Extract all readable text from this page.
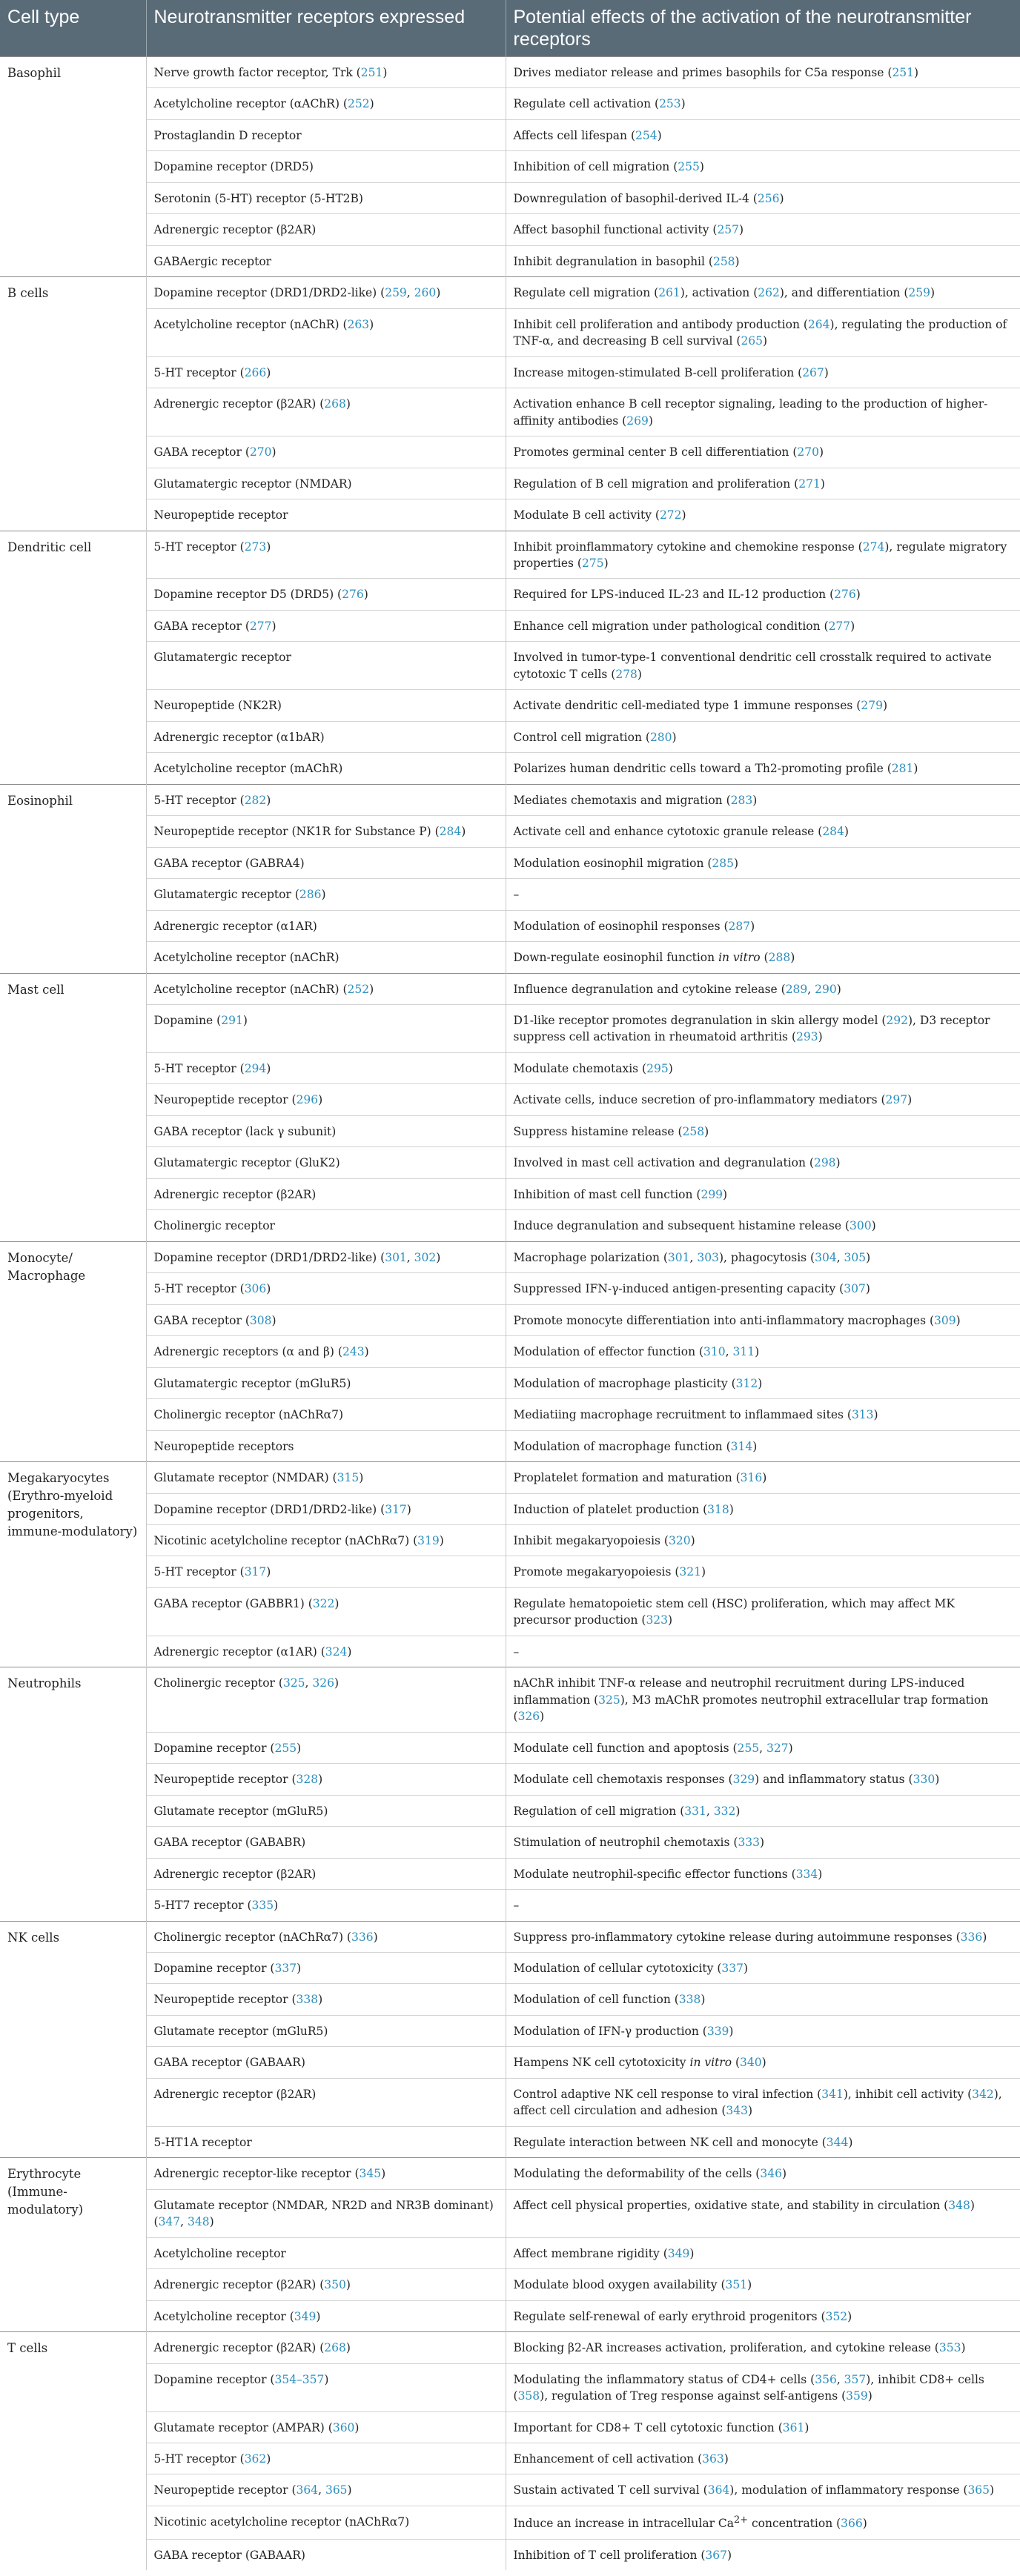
Cell type	Neurotransmitter receptors expressed	Potential effects of the activation of the neurotransmitter receptors
Basophil	Nerve growth factor receptor, Trk (251)	Drives mediator release and primes basophils for C5a response (251)
	Acetylcholine receptor (αAChR) (252)	Regulate cell activation (253)
	Prostaglandin D receptor	Affects cell lifespan (254)
	Dopamine receptor (DRD5)	Inhibition of cell migration (255)
	Serotonin (5-HT) receptor (5-HT2B)	Downregulation of basophil-derived IL-4 (256)
	Adrenergic receptor (β2AR)	Affect basophil functional activity (257)
	GABAergic receptor	Inhibit degranulation in basophil (258)
B cells	Dopamine receptor (DRD1/DRD2-like) (259, 260)	Regulate cell migration (261), activation (262), and differentiation (259)
	Acetylcholine receptor (nAChR) (263)	Inhibit cell proliferation and antibody production (264), regulating the production of TNF-α, and decreasing B cell survival (265)
	5-HT receptor (266)	Increase mitogen-stimulated B-cell proliferation (267)
	Adrenergic receptor (β2AR) (268)	Activation enhance B cell receptor signaling, leading to the production of higher-affinity antibodies (269)
	GABA receptor (270)	Promotes germinal center B cell differentiation (270)
	Glutamatergic receptor (NMDAR)	Regulation of B cell migration and proliferation (271)
	Neuropeptide receptor	Modulate B cell activity (272)
Dendritic cell	5-HT receptor (273)	Inhibit proinflammatory cytokine and chemokine response (274), regulate migratory properties (275)
	Dopamine receptor D5 (DRD5) (276)	Required for LPS-induced IL-23 and IL-12 production (276)
	GABA receptor (277)	Enhance cell migration under pathological condition (277)
	Glutamatergic receptor	Involved in tumor-type-1 conventional dendritic cell crosstalk required to activate cytotoxic T cells (278)
	Neuropeptide (NK2R)	Activate dendritic cell-mediated type 1 immune responses (279)
	Adrenergic receptor (α1bAR)	Control cell migration (280)
	Acetylcholine receptor (mAChR)	Polarizes human dendritic cells toward a Th2-promoting profile (281)
Eosinophil	5-HT receptor (282)	Mediates chemotaxis and migration (283)
	Neuropeptide receptor (NK1R for Substance P) (284)	Activate cell and enhance cytotoxic granule release (284)
	GABA receptor (GABRA4)	Modulation eosinophil migration (285)
	Glutamatergic receptor (286)	–
	Adrenergic receptor (α1AR)	Modulation of eosinophil responses (287)
	Acetylcholine receptor (nAChR)	Down-regulate eosinophil function in vitro (288)
Mast cell	Acetylcholine receptor (nAChR) (252)	Influence degranulation and cytokine release (289, 290)
	Dopamine (291)	D1-like receptor promotes degranulation in skin allergy model (292), D3 receptor suppress cell activation in rheumatoid arthritis (293)
	5-HT receptor (294)	Modulate chemotaxis (295)
	Neuropeptide receptor (296)	Activate cells, induce secretion of pro-inflammatory mediators (297)
	GABA receptor (lack γ subunit)	Suppress histamine release (258)
	Glutamatergic receptor (GluK2)	Involved in mast cell activation and degranulation (298)
	Adrenergic receptor (β2AR)	Inhibition of mast cell function (299)
	Cholinergic receptor	Induce degranulation and subsequent histamine release (300)
Monocyte/ Macrophage	Dopamine receptor (DRD1/DRD2-like) (301, 302)	Macrophage polarization (301, 303), phagocytosis (304, 305)
	5-HT receptor (306)	Suppressed IFN-γ-induced antigen-presenting capacity (307)
	GABA receptor (308)	Promote monocyte differentiation into anti-inflammatory macrophages (309)
	Adrenergic receptors (α and β) (243)	Modulation of effector function (310, 311)
	Glutamatergic receptor (mGluR5)	Modulation of macrophage plasticity (312)
	Cholinergic receptor (nAChRα7)	Mediatiing macrophage recruitment to inflammaed sites (313)
	Neuropeptide receptors	Modulation of macrophage function (314)
Megakaryocytes (Erythro-myeloid progenitors, immune-modulatory)	Glutamate receptor (NMDAR) (315)	Proplatelet formation and maturation (316)
	Dopamine receptor (DRD1/DRD2-like) (317)	Induction of platelet production (318)
	Nicotinic acetylcholine receptor (nAChRα7) (319)	Inhibit megakaryopoiesis (320)
	5-HT receptor (317)	Promote megakaryopoiesis (321)
	GABA receptor (GABBR1) (322)	Regulate hematopoietic stem cell (HSC) proliferation, which may affect MK precursor production (323)
	Adrenergic receptor (α1AR) (324)	–
Neutrophils	Cholinergic receptor (325, 326)	nAChR inhibit TNF-α release and neutrophil recruitment during LPS-induced inflammation (325), M3 mAChR promotes neutrophil extracellular trap formation (326)
	Dopamine receptor (255)	Modulate cell function and apoptosis (255, 327)
	Neuropeptide receptor (328)	Modulate cell chemotaxis responses (329) and inflammatory status (330)
	Glutamate receptor (mGluR5)	Regulation of cell migration (331, 332)
	GABA receptor (GABABR)	Stimulation of neutrophil chemotaxis (333)
	Adrenergic receptor (β2AR)	Modulate neutrophil-specific effector functions (334)
	5-HT7 receptor (335)	–
NK cells	Cholinergic receptor (nAChRα7) (336)	Suppress pro-inflammatory cytokine release during autoimmune responses (336)
	Dopamine receptor (337)	Modulation of cellular cytotoxicity (337)
	Neuropeptide receptor (338)	Modulation of cell function (338)
	Glutamate receptor (mGluR5)	Modulation of IFN-γ production (339)
	GABA receptor (GABAAR)	Hampens NK cell cytotoxicity in vitro (340)
	Adrenergic receptor (β2AR)	Control adaptive NK cell response to viral infection (341), inhibit cell activity (342), affect cell circulation and adhesion (343)
	5-HT1A receptor	Regulate interaction between NK cell and monocyte (344)
Erythrocyte (Immune-modulatory)	Adrenergic receptor-like receptor (345)	Modulating the deformability of the cells (346)
	Glutamate receptor (NMDAR, NR2D and NR3B dominant) (347, 348)	Affect cell physical properties, oxidative state, and stability in circulation (348)
	Acetylcholine receptor	Affect membrane rigidity (349)
	Adrenergic receptor (β2AR) (350)	Modulate blood oxygen availability (351)
	Acetylcholine receptor (349)	Regulate self-renewal of early erythroid progenitors (352)
T cells	Adrenergic receptor (β2AR) (268)	Blocking β2-AR increases activation, proliferation, and cytokine release (353)
	Dopamine receptor (354–357)	Modulating the inflammatory status of CD4+ cells (356, 357), inhibit CD8+ cells (358), regulation of Treg response against self-antigens (359)
	Glutamate receptor (AMPAR) (360)	Important for CD8+ T cell cytotoxic function (361)
	5-HT receptor (362)	Enhancement of cell activation (363)
	Neuropeptide receptor (364, 365)	Sustain activated T cell survival (364), modulation of inflammatory response (365)
	Nicotinic acetylcholine receptor (nAChRα7)	Induce an increase in intracellular $Ca^{2+}$ concentration (366)
	GABA receptor (GABAAR)	Inhibition of T cell proliferation (367)
